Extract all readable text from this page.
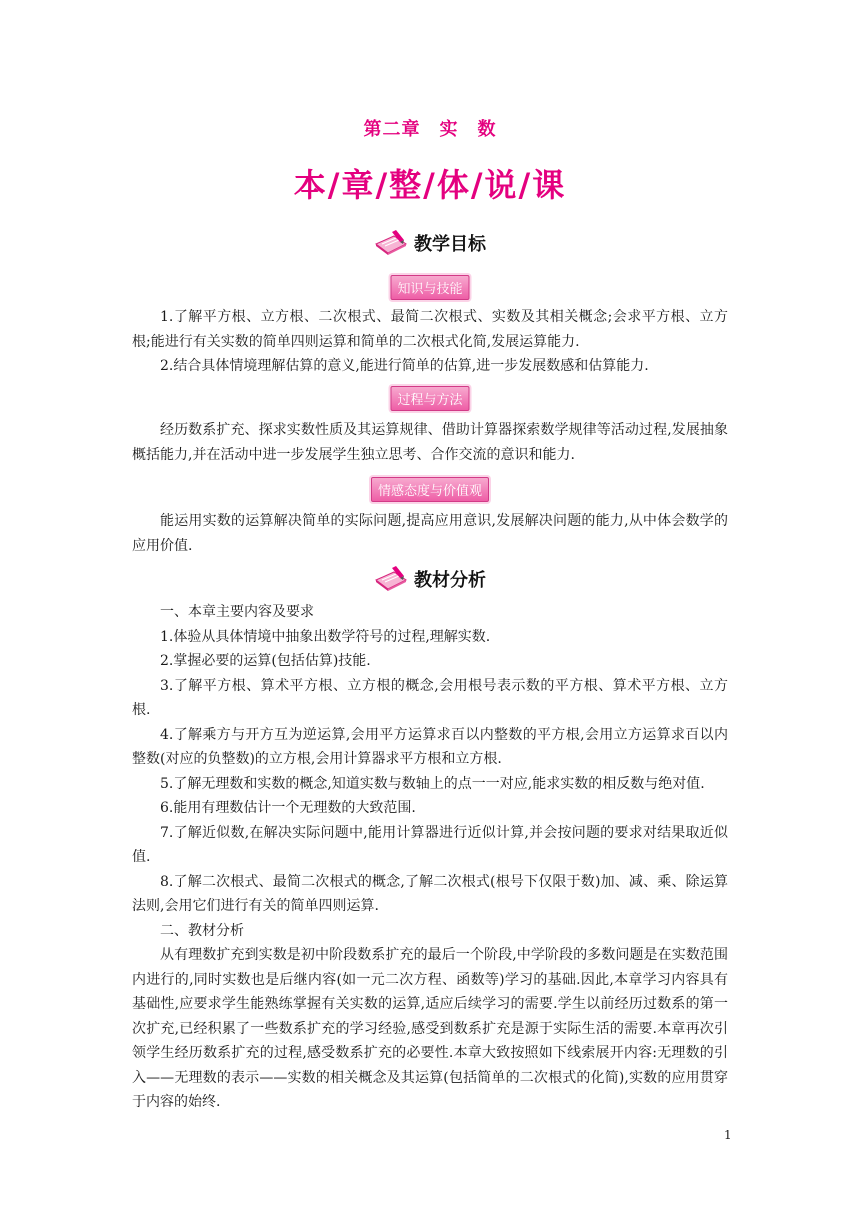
第二章　实　数
本/章/整/体/说/课
教学目标
知识与技能

1.了解平方根、立方根、二次根式、最简二次根式、实数及其相关概念;会求平方根、立方根;能进行有关实数的简单四则运算和简单的二次根式化简,发展运算能力.

2.结合具体情境理解估算的意义,能进行简单的估算,进一步发展数感和估算能力.

过程与方法

经历数系扩充、探求实数性质及其运算规律、借助计算器探索数学规律等活动过程,发展抽象概括能力,并在活动中进一步发展学生独立思考、合作交流的意识和能力.

情感态度与价值观

能运用实数的运算解决简单的实际问题,提高应用意识,发展解决问题的能力,从中体会数学的应用价值.

教材分析

一、本章主要内容及要求

1.体验从具体情境中抽象出数学符号的过程,理解实数.

2.掌握必要的运算(包括估算)技能.

3.了解平方根、算术平方根、立方根的概念,会用根号表示数的平方根、算术平方根、立方根.

4.了解乘方与开方互为逆运算,会用平方运算求百以内整数的平方根,会用立方运算求百以内整数(对应的负整数)的立方根,会用计算器求平方根和立方根.

5.了解无理数和实数的概念,知道实数与数轴上的点一一对应,能求实数的相反数与绝对值.

6.能用有理数估计一个无理数的大致范围.

7.了解近似数,在解决实际问题中,能用计算器进行近似计算,并会按问题的要求对结果取近似值.

8.了解二次根式、最简二次根式的概念,了解二次根式(根号下仅限于数)加、减、乘、除运算法则,会用它们进行有关的简单四则运算.

二、教材分析

从有理数扩充到实数是初中阶段数系扩充的最后一个阶段,中学阶段的多数问题是在实数范围内进行的,同时实数也是后继内容(如一元二次方程、函数等)学习的基础.因此,本章学习内容具有基础性,应要求学生能熟练掌握有关实数的运算,适应后续学习的需要.学生以前经历过数系的第一次扩充,已经积累了一些数系扩充的学习经验,感受到数系扩充是源于实际生活的需要.本章再次引领学生经历数系扩充的过程,感受数系扩充的必要性.本章大致按照如下线索展开内容:无理数的引入——无理数的表示——实数的相关概念及其运算(包括简单的二次根式的化简),实数的应用贯穿于内容的始终.

1
